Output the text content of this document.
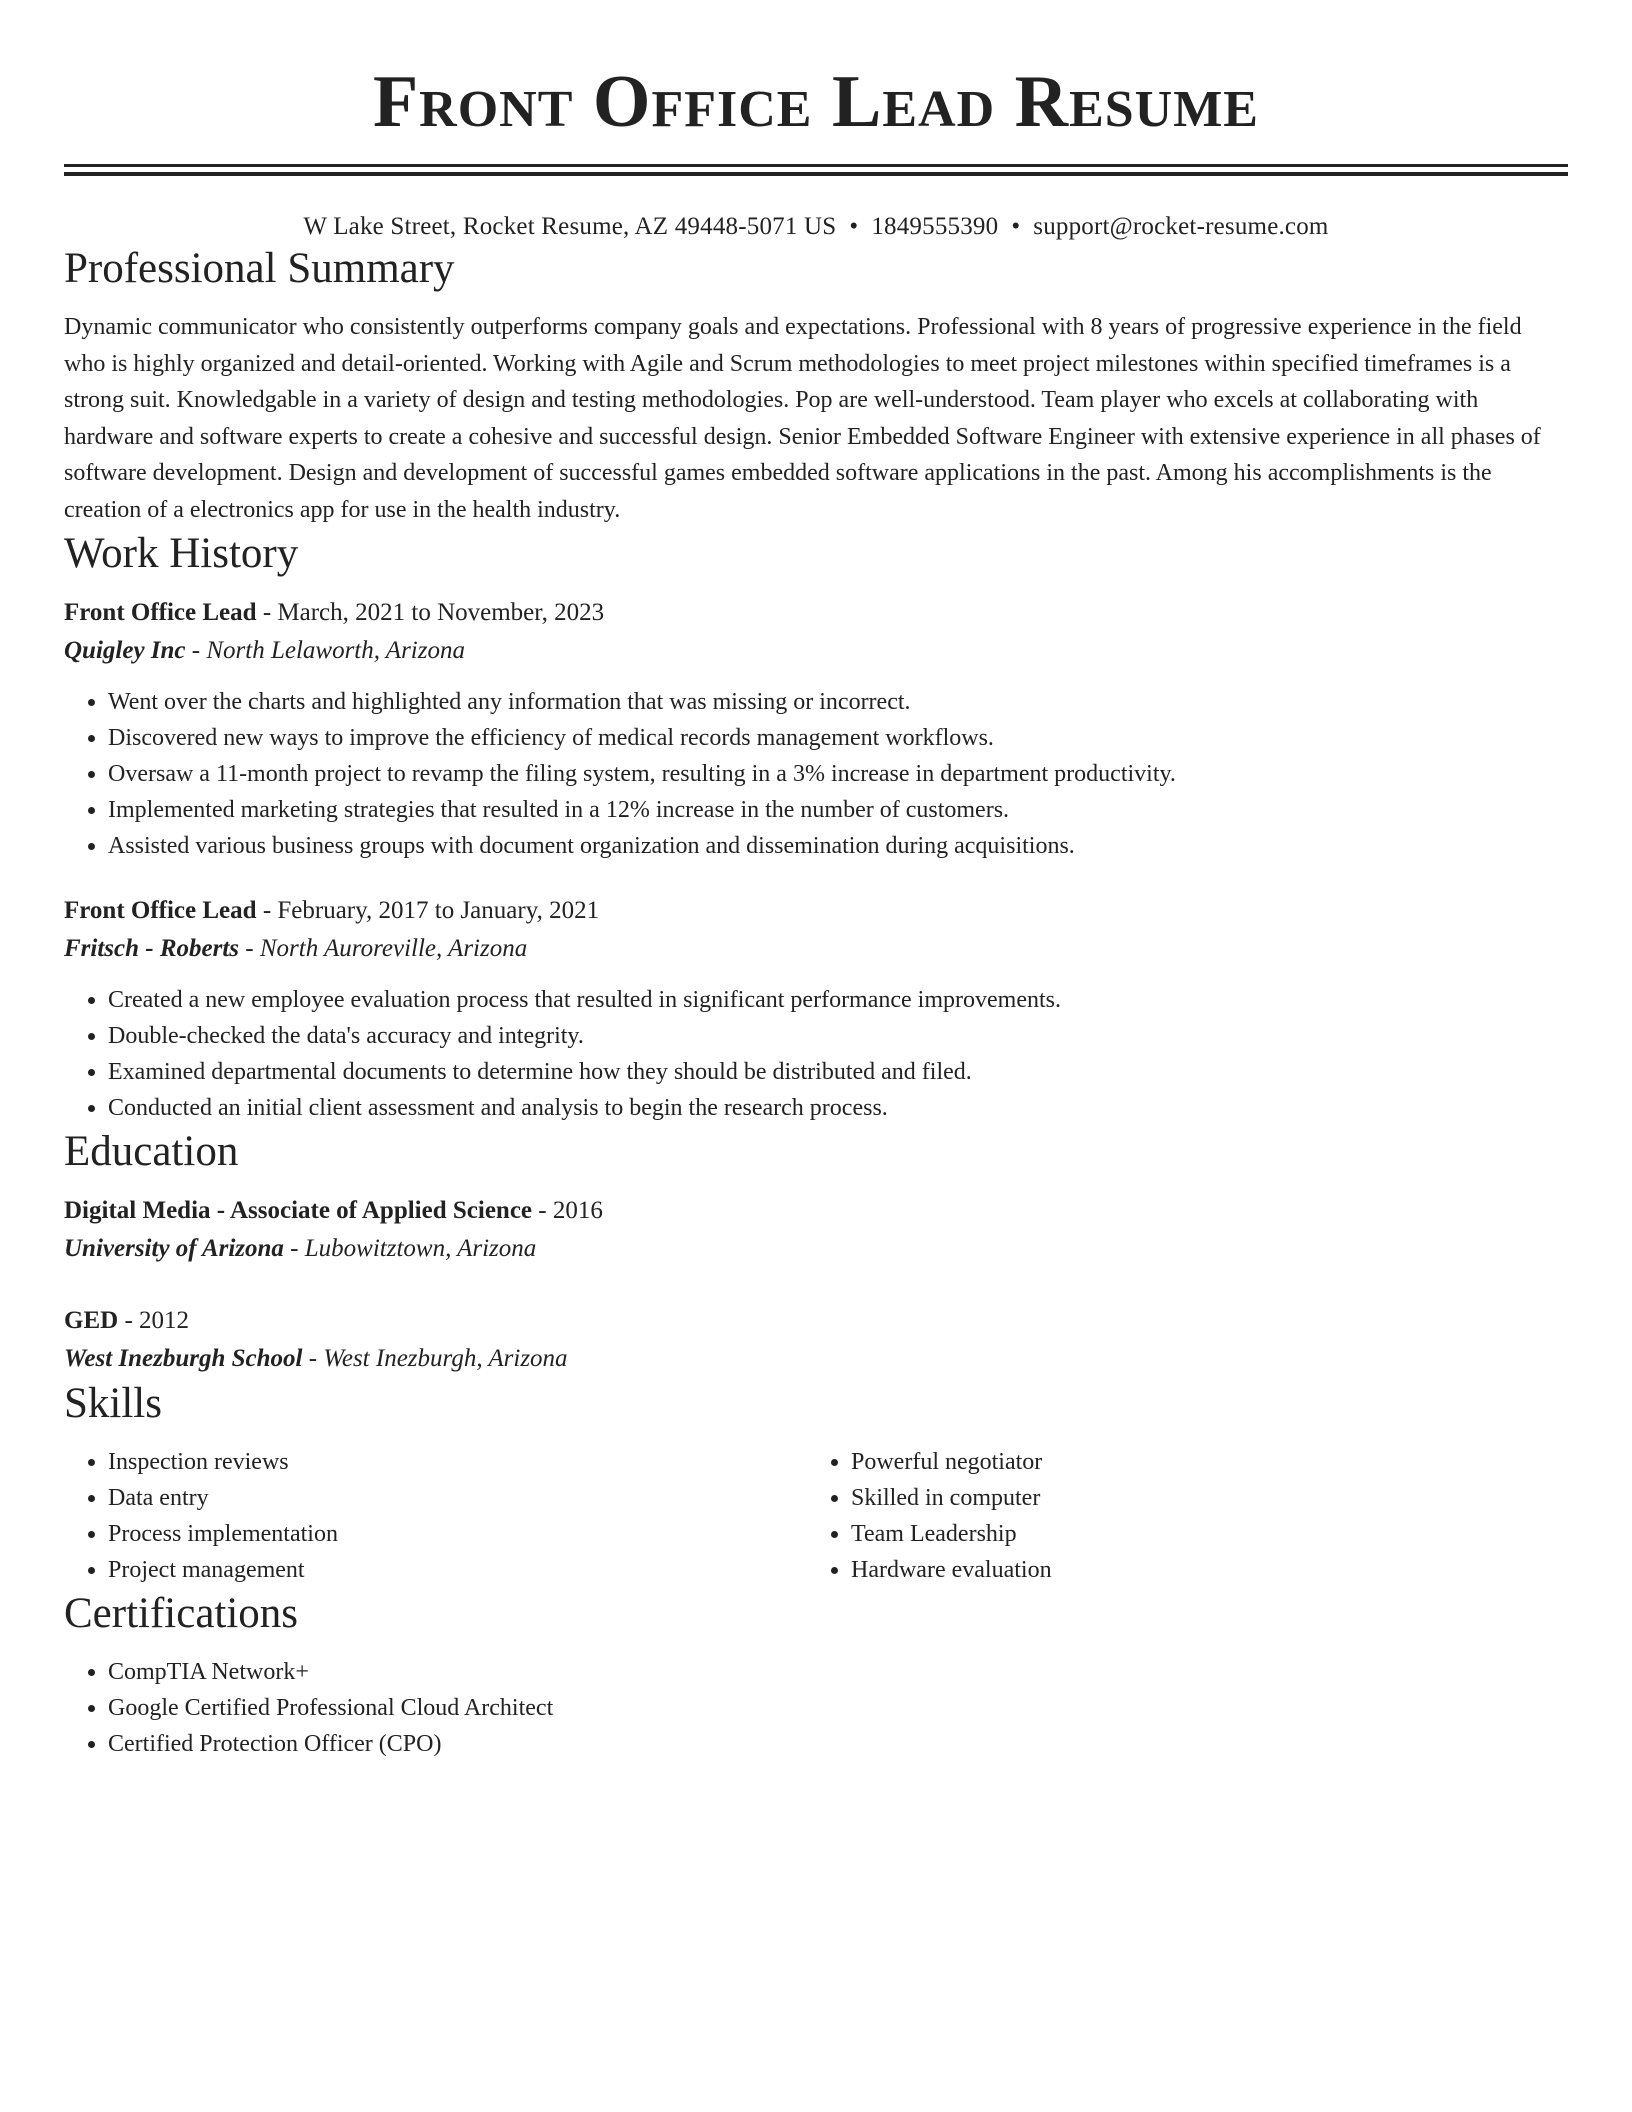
Front Office Lead Resume
W Lake Street, Rocket Resume, AZ 49448-5071 US • 1849555390 • support@rocket-resume.com
Professional Summary
Dynamic communicator who consistently outperforms company goals and expectations. Professional with 8 years of progressive experience in the field who is highly organized and detail-oriented. Working with Agile and Scrum methodologies to meet project milestones within specified timeframes is a strong suit. Knowledgable in a variety of design and testing methodologies. Pop are well-understood. Team player who excels at collaborating with hardware and software experts to create a cohesive and successful design. Senior Embedded Software Engineer with extensive experience in all phases of software development. Design and development of successful games embedded software applications in the past. Among his accomplishments is the creation of a electronics app for use in the health industry.
Work History
Front Office Lead - March, 2021 to November, 2023
Quigley Inc - North Lelaworth, Arizona
• Went over the charts and highlighted any information that was missing or incorrect.
• Discovered new ways to improve the efficiency of medical records management workflows.
• Oversaw a 11-month project to revamp the filing system, resulting in a 3% increase in department productivity.
• Implemented marketing strategies that resulted in a 12% increase in the number of customers.
• Assisted various business groups with document organization and dissemination during acquisitions.
Front Office Lead - February, 2017 to January, 2021
Fritsch - Roberts - North Auroreville, Arizona
• Created a new employee evaluation process that resulted in significant performance improvements.
• Double-checked the data's accuracy and integrity.
• Examined departmental documents to determine how they should be distributed and filed.
• Conducted an initial client assessment and analysis to begin the research process.
Education
Digital Media - Associate of Applied Science - 2016
University of Arizona - Lubowitztown, Arizona
GED - 2012
West Inezburgh School - West Inezburgh, Arizona
Skills
• Inspection reviews
• Data entry
• Process implementation
• Project management
• Powerful negotiator
• Skilled in computer
• Team Leadership
• Hardware evaluation
Certifications
• CompTIA Network+
• Google Certified Professional Cloud Architect
• Certified Protection Officer (CPO)
